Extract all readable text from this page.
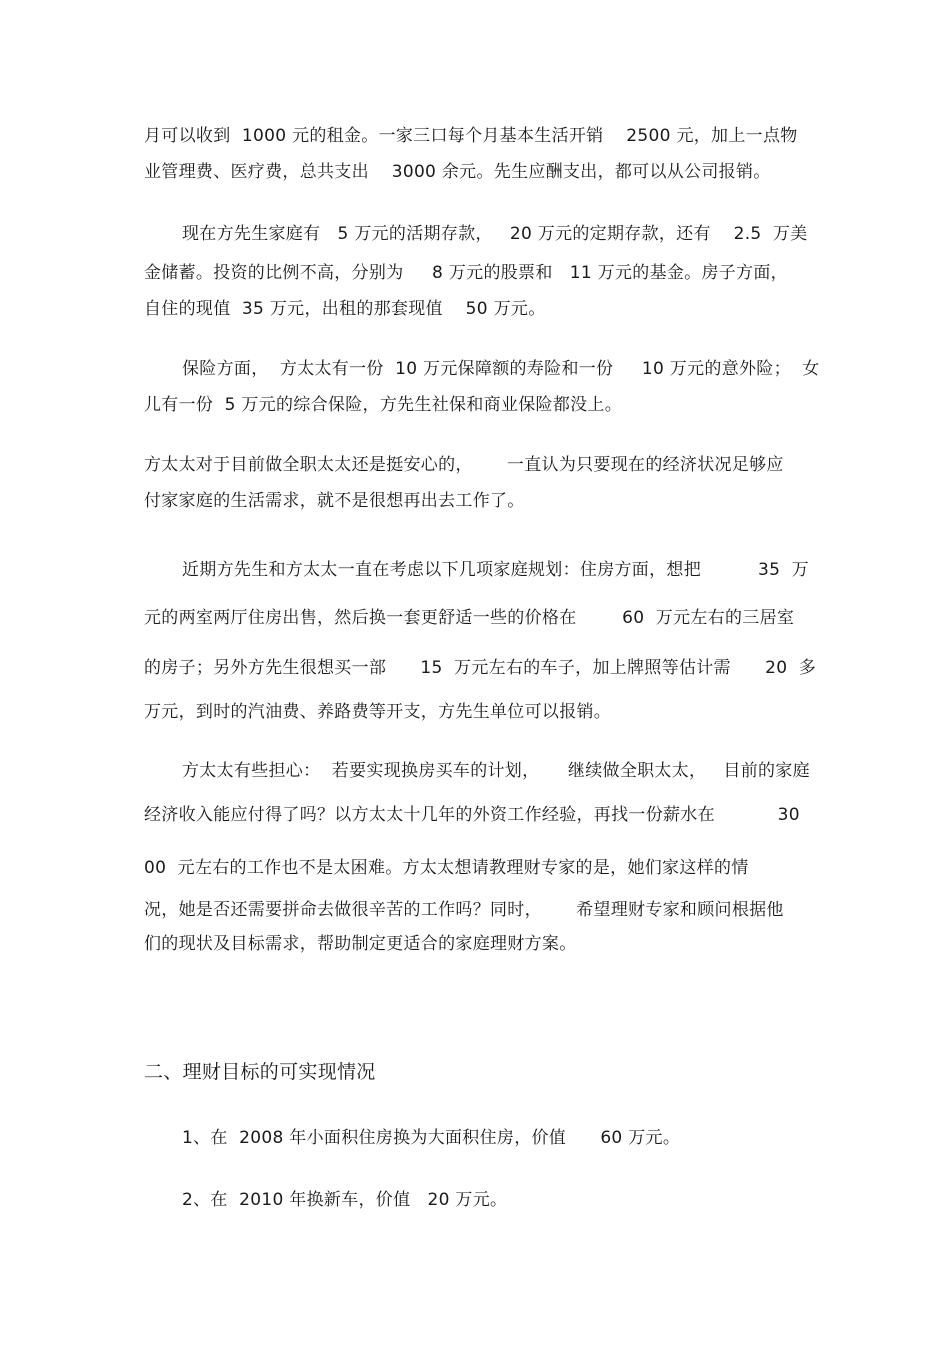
月可以收到  1000 元的租金。一家三口每个月基本生活开销    2500 元，加上一点物
业管理费、医疗费，总共支出    3000 余元。先生应酬支出，都可以从公司报销。
现在方先生家庭有   5 万元的活期存款，   20 万元的定期存款，还有    2.5  万美
金储蓄。投资的比例不高，分别为     8 万元的股票和   11 万元的基金。房子方面，
自住的现值  35 万元，出租的那套现值    50 万元。
保险方面，  方太太有一份  10 万元保障额的寿险和一份     10 万元的意外险；  女
儿有一份  5 万元的综合保险，方先生社保和商业保险都没上。
方太太对于目前做全职太太还是挺安心的，      一直认为只要现在的经济状况足够应
付家家庭的生活需求，就不是很想再出去工作了。
近期方先生和方太太一直在考虑以下几项家庭规划：住房方面，想把          35  万
元的两室两厅住房出售，然后换一套更舒适一些的价格在        60  万元左右的三居室
的房子；另外方先生很想买一部      15  万元左右的车子，加上牌照等估计需      20  多
万元，到时的汽油费、养路费等开支，方先生单位可以报销。
方太太有些担心：  若要实现换房买车的计划，     继续做全职太太，   目前的家庭
经济收入能应付得了吗？以方太太十几年的外资工作经验，再找一份薪水在           30
00  元左右的工作也不是太困难。方太太想请教理财专家的是，她们家这样的情
况，她是否还需要拼命去做很辛苦的工作吗？同时，      希望理财专家和顾问根据他
们的现状及目标需求，帮助制定更适合的家庭理财方案。
二、理财目标的可实现情况
1、在  2008 年小面积住房换为大面积住房，价值      60 万元。
2、在  2010 年换新车，价值   20 万元。
